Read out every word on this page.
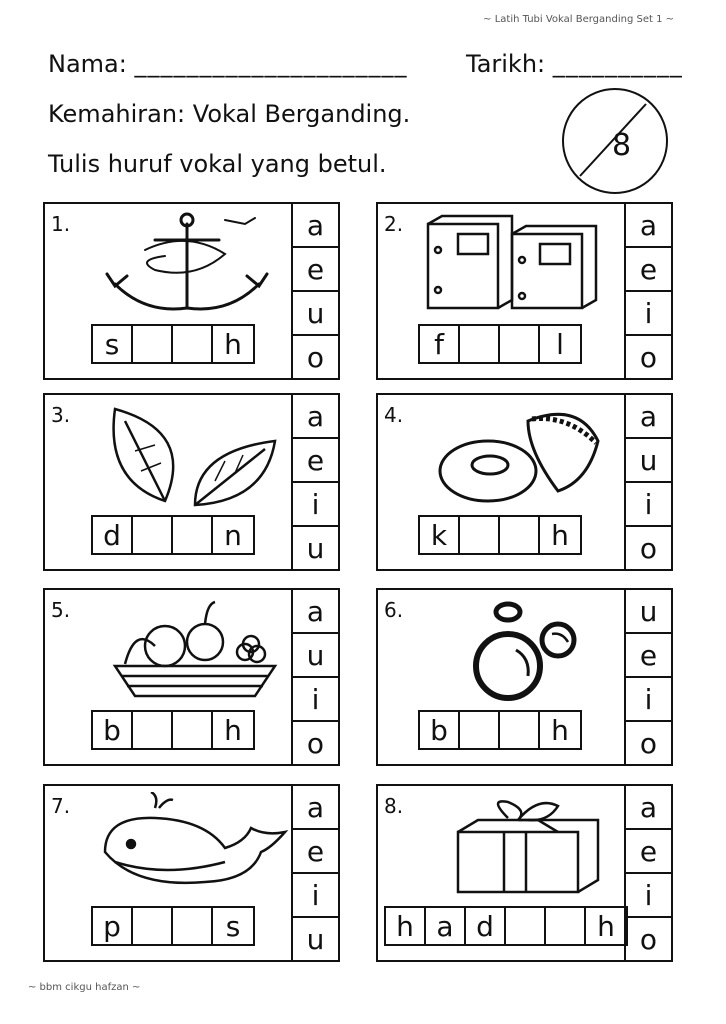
~ Latih Tubi Vokal Berganding Set 1 ~
Nama: _____________________ Tarikh: __________
Kemahiran: Vokal Berganding.
Tulis huruf vokal yang betul.
8
1.
s	h
a
e
u
o
2.
f	l
a
e
i
o
3.
d	n
a
e
i
u
4.
k	h
a
u
i
o
5.
b	h
a
u
i
o
6.
b	h
u
e
i
o
7.
p	s
a
e
i
u
8.
h a d	h
a
e
i
o
~ bbm cikgu hafzan ~
